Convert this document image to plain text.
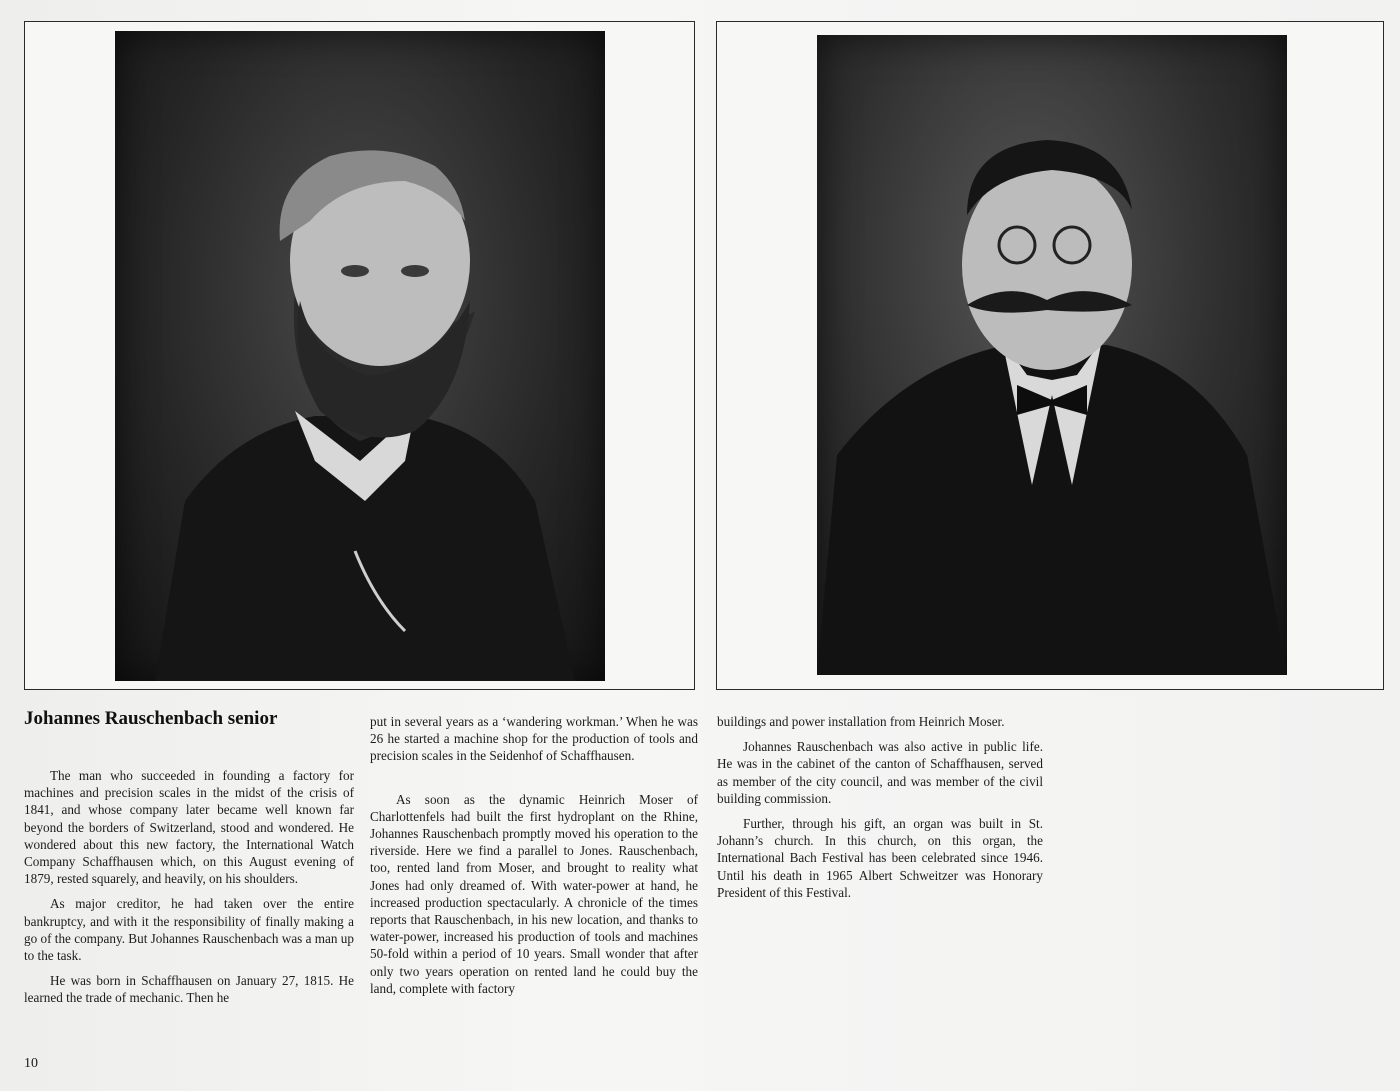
Johannes Rauschenbach senior

The man who succeeded in founding a factory for machines and precision scales in the midst of the crisis of 1841, and whose company later became well known far beyond the borders of Switzerland, stood and wondered. He wondered about this new factory, the International Watch Company Schaffhausen which, on this August evening of 1879, rested squarely, and heavily, on his shoulders.

As major creditor, he had taken over the entire bankruptcy, and with it the responsibility of finally making a go of the company. But Johannes Rauschenbach was a man up to the task.

He was born in Schaffhausen on January 27, 1815. He learned the trade of mechanic. Then he

put in several years as a ‘wandering workman.’ When he was 26 he started a machine shop for the production of tools and precision scales in the Seidenhof of Schaffhausen.

As soon as the dynamic Heinrich Moser of Charlottenfels had built the first hydroplant on the Rhine, Johannes Rauschenbach promptly moved his operation to the riverside. Here we find a parallel to Jones. Rauschenbach, too, rented land from Moser, and brought to reality what Jones had only dreamed of. With water-power at hand, he increased production spectacularly. A chronicle of the times reports that Rauschenbach, in his new location, and thanks to water-power, increased his production of tools and machines 50-fold within a period of 10 years. Small wonder that after only two years operation on rented land he could buy the land, complete with factory

buildings and power installation from Heinrich Moser.

Johannes Rauschenbach was also active in public life. He was in the cabinet of the canton of Schaffhausen, served as member of the city council, and was member of the civil building commission.

Further, through his gift, an organ was built in St. Johann’s church. In this church, on this organ, the International Bach Festival has been celebrated since 1946. Until his death in 1965 Albert Schweitzer was Honorary President of this Festival.

10
